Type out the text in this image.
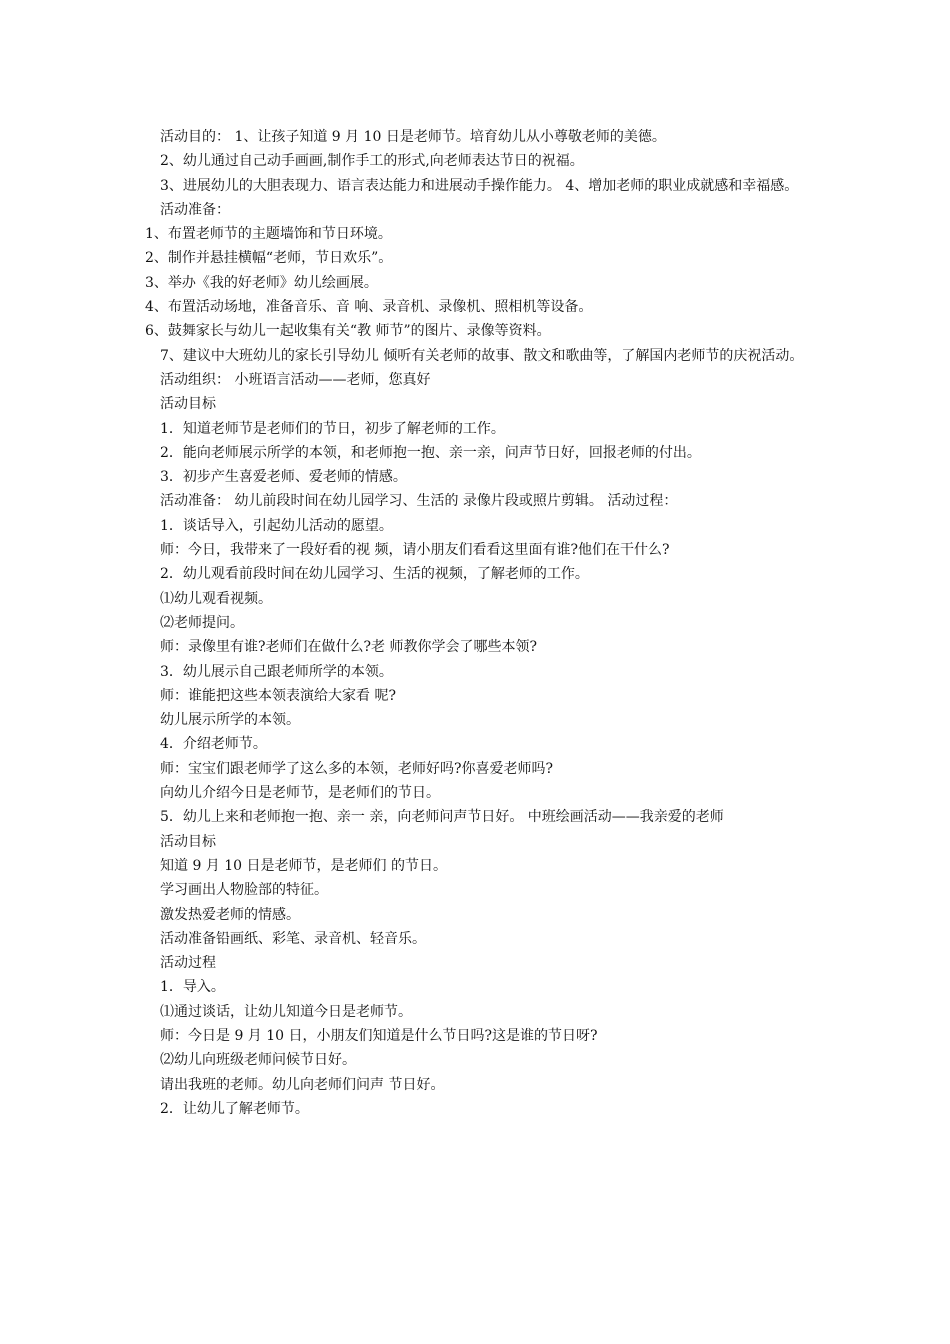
活动目的： 1、让孩子知道 9 月 10 日是老师节。培育幼儿从小尊敬老师的美德。

2、幼儿通过自己动手画画,制作手工的形式,向老师表达节日的祝福。

3、进展幼儿的大胆表现力、语言表达能力和进展动手操作能力。 4、增加老师的职业成就感和幸福感。

活动准备：

1、布置老师节的主题墙饰和节日环境。

2、制作并悬挂横幅“老师，节日欢乐”。

3、举办《我的好老师》幼儿绘画展。

4、布置活动场地，准备音乐、音 响、录音机、录像机、照相机等设备。

6、鼓舞家长与幼儿一起收集有关“教 师节”的图片、录像等资料。

7、建议中大班幼儿的家长引导幼儿 倾听有关老师的故事、散文和歌曲等，了解国内老师节的庆祝活动。

活动组织： 小班语言活动——老师，您真好

活动目标

1．知道老师节是老师们的节日，初步了解老师的工作。

2．能向老师展示所学的本领，和老师抱一抱、亲一亲，问声节日好，回报老师的付出。

3．初步产生喜爱老师、爱老师的情感。

活动准备： 幼儿前段时间在幼儿园学习、生活的 录像片段或照片剪辑。 活动过程：

1．谈话导入，引起幼儿活动的愿望。

师：今日，我带来了一段好看的视 频，请小朋友们看看这里面有谁?他们在干什么?

2．幼儿观看前段时间在幼儿园学习、生活的视频，了解老师的工作。

⑴幼儿观看视频。

⑵老师提问。

师：录像里有谁?老师们在做什么?老 师教你学会了哪些本领?

3．幼儿展示自己跟老师所学的本领。

师：谁能把这些本领表演给大家看 呢?

幼儿展示所学的本领。

4．介绍老师节。

师：宝宝们跟老师学了这么多的本领，老师好吗?你喜爱老师吗?

向幼儿介绍今日是老师节，是老师们的节日。

5．幼儿上来和老师抱一抱、亲一 亲，向老师问声节日好。 中班绘画活动——我亲爱的老师

活动目标

知道 9 月 10 日是老师节，是老师们 的节日。

学习画出人物脸部的特征。

激发热爱老师的情感。

活动准备铅画纸、彩笔、录音机、轻音乐。

活动过程

1．导入。

⑴通过谈话，让幼儿知道今日是老师节。

师：今日是 9 月 10 日，小朋友们知道是什么节日吗?这是谁的节日呀?

⑵幼儿向班级老师问候节日好。

请出我班的老师。幼儿向老师们问声 节日好。

2．让幼儿了解老师节。
